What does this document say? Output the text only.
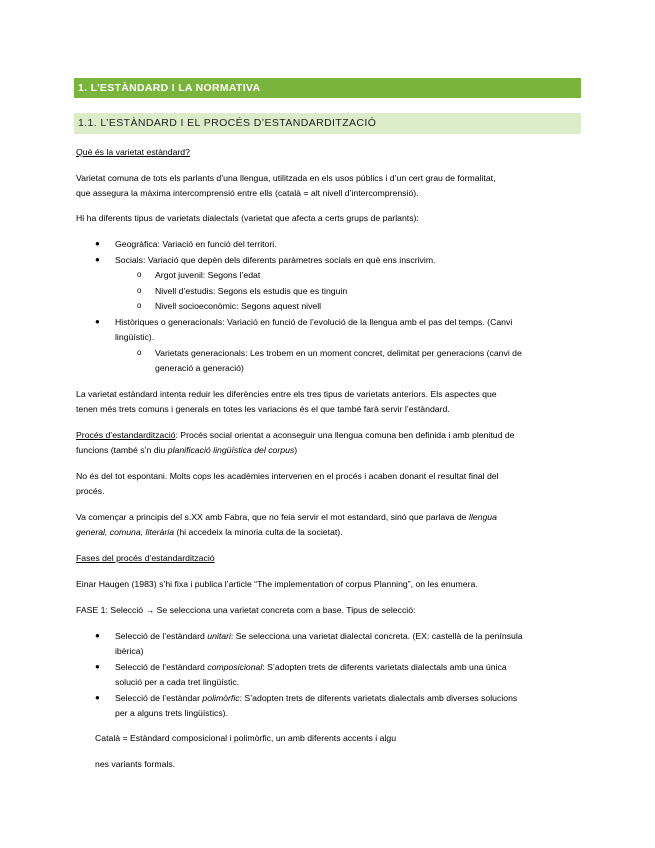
1. L’ESTÀNDARD I LA NORMATIVA
1.1. L’ESTÀNDARD I EL PROCÉS D’ESTANDARDITZACIÓ
Què és la varietat estàndard?
Varietat comuna de tots els parlants d’una llengua, utilitzada en els usos públics i d’un cert grau de formalitat,
que assegura la màxima intercomprensió entre ells (català = alt nivell d’intercomprensió).
Hi ha diferents tipus de varietats dialectals (varietat que afecta a certs grups de parlants):
● Geogràfica: Variació en funció del territori.
● Socials: Variació que depèn dels diferents paràmetres socials en què ens inscrivim.
o Argot juvenil: Segons l’edat
o Nivell d’estudis: Segons els estudis que es tinguin
o Nivell socioeconòmic: Segons aquest nivell
● Històriques o generacionals: Variació en funció de l’evolució de la llengua amb el pas del temps. (Canvi
lingüístic).
o Varietats generacionals: Les trobem en un moment concret, delimitat per generacions (canvi de
generació a generació)
La varietat estàndard intenta reduir les diferències entre els tres tipus de varietats anteriors. Els aspectes que
tenen més trets comuns i generals en totes les variacions és el que també farà servir l’estàndard.
Procés d’estandardització: Procés social orientat a aconseguir una llengua comuna ben definida i amb plenitud de
funcions (també s’n diu planificació lingüística del corpus)
No és del tot espontani. Molts cops les acadèmies intervenen en el procés i acaben donant el resultat final del
procés.
Va començar a principis del s.XX amb Fabra, que no feia servir el mot estandard, sinó que parlava de llengua
general, comuna, literària (hi accedeix la minoria culta de la societat).
Fases del procés d’estandardització
Einar Haugen (1983) s’hi fixa i publica l’article “The implementation of corpus Planning”, on les enumera.
FASE 1: Selecció → Se selecciona una varietat concreta com a base. Tipus de selecció:
● Selecció de l’estàndard unitari: Se selecciona una varietat dialectal concreta. (EX: castellà de la península
ibèrica)
● Selecció de l’estàndard composicional: S’adopten trets de diferents varietats dialectals amb una única
solució per a cada tret lingüístic.
● Selecció de l’estàndar polimòrfic: S’adopten trets de diferents varietats dialectals amb diverses solucions
per a alguns trets lingüístics).
Català = Estàndard composicional i polimòrfic, un amb diferents accents i algu
nes variants formals.
